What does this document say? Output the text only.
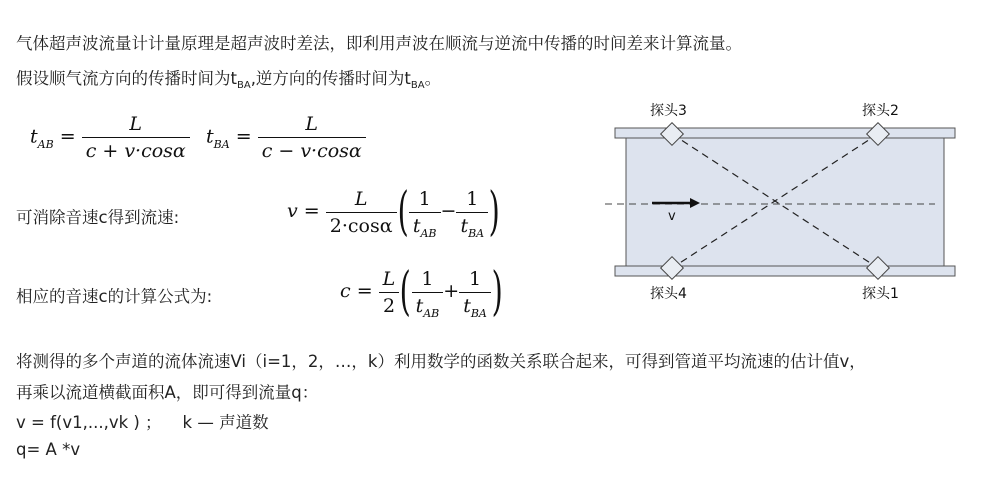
气体超声波流量计计量原理是超声波时差法，即利用声波在顺流与逆流中传播的时间差来计算流量。
假设顺气流方向的传播时间为$t_{BA}$,逆方向的传播时间为$t_{BA}$。
$t_{AB} = \frac{L}{c + v\cdot\cos\alpha} t_{BA} = \frac{L}{c - v\cdot\cos\alpha}$
可消除音速c得到流速:	$v = \frac{L}{2\cdot\cos\alpha}$ ( $\frac{1}{t_{AB}} - \frac{1}{t_{BA}}$ )
相应的音速c的计算公式为:	$c = \frac{L}{2}$ ( $\frac{1}{t_{AB}} + \frac{1}{t_{BA}}$ )
v
探头3	探头2
探头4	探头1
将测得的多个声道的流体流速Vi（i=1，2，…，k）利用数学的函数关系联合起来，可得到管道平均流速的估计值v，
再乘以流道横截面积A，即可得到流量q：
v = f(v1,...,vk ) ；    k — 声道数
q= A *v
